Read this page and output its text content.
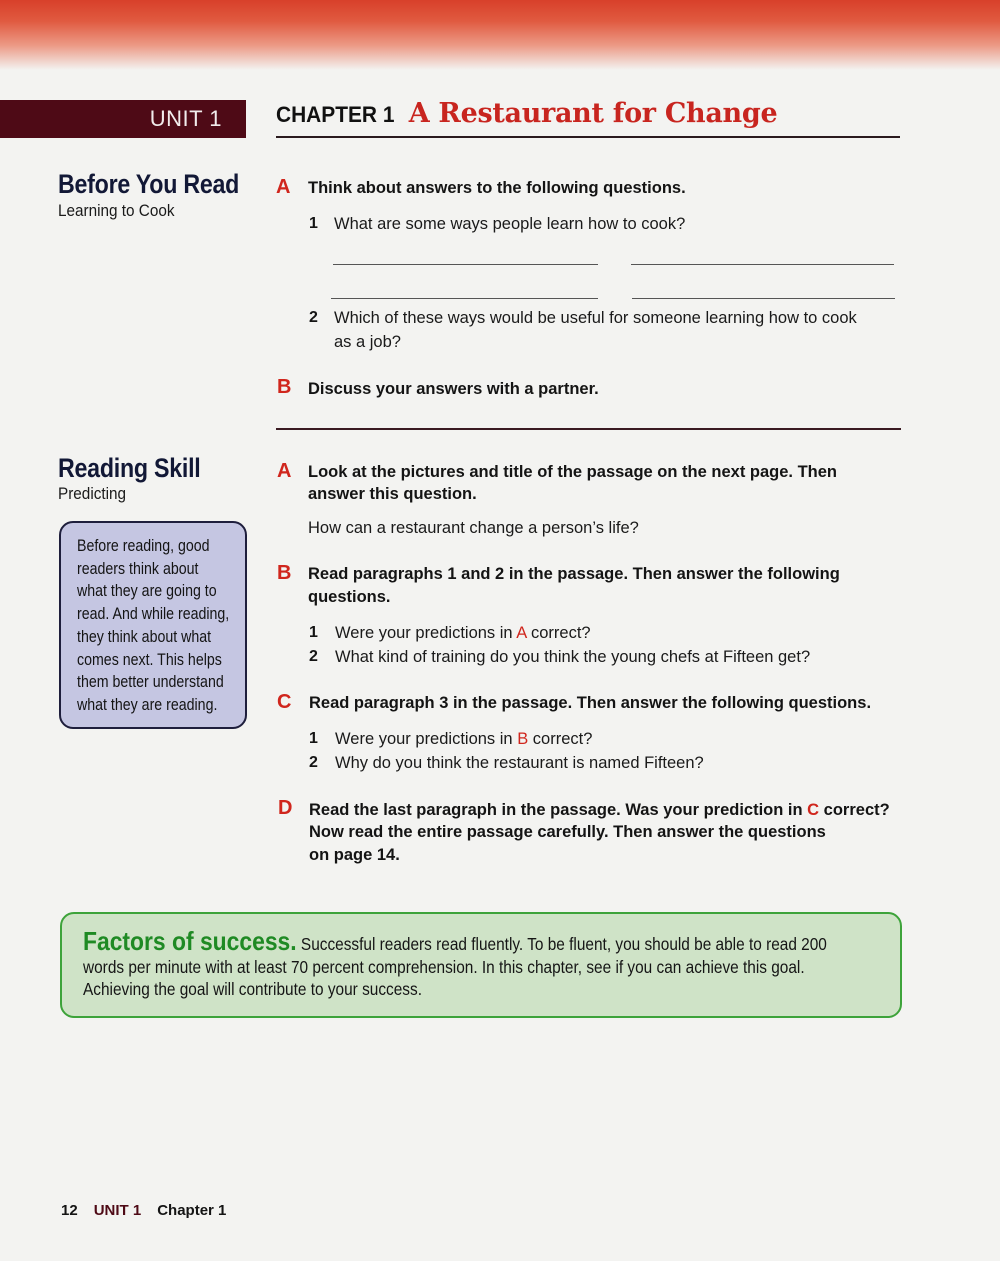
UNIT 1	CHAPTER 1 A Restaurant for Change
Before You Read
Learning to Cook
A Think about answers to the following questions.
1 What are some ways people learn how to cook?
2 Which of these ways would be useful for someone learning how to cook
as a job?
B Discuss your answers with a partner.
Reading Skill
Predicting

Before reading, good

readers think about

what they are going to

read. And while reading,

they think about what

comes next. This helps

them better understand

what they are reading.

A Look at the pictures and title of the passage on the next page. Then
answer this question.
How can a restaurant change a person’s life?
B Read paragraphs 1 and 2 in the passage. Then answer the following
questions.
1 Were your predictions in A correct?
2 What kind of training do you think the young chefs at Fifteen get?
C Read paragraph 3 in the passage. Then answer the following questions.
1 Were your predictions in B correct?
2 Why do you think the restaurant is named Fifteen?
D Read the last paragraph in the passage. Was your prediction in C correct?
Now read the entire passage carefully. Then answer the questions
on page 14.

Factors of success. Successful readers read fluently. To be fluent, you should be able to read 200

words per minute with at least 70 percent comprehension. In this chapter, see if you can achieve this goal.

Achieving the goal will contribute to your success.

12 UNIT 1 Chapter 1
